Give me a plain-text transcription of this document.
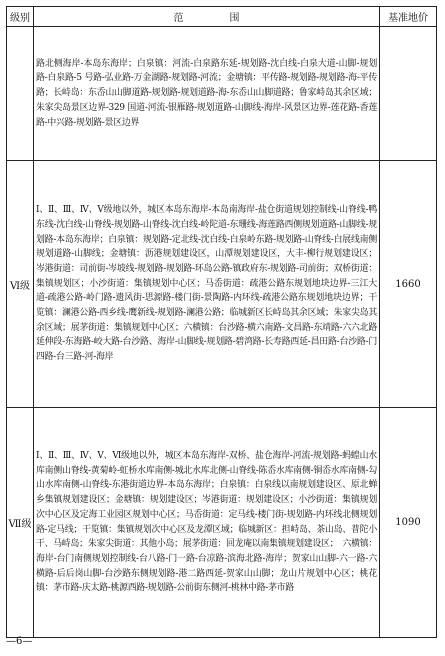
级别	范　围	基准地价

	路北侧海岸-本岛东海岸；白泉镇：河流-白泉路东延-规划路-沈白线-白泉大道-山脚-规划路-白泉路-5 号路-弘业路-万金湖路-规划路-河流；金塘镇：平传路-规划路-规划路-海-平传路；长峙岛：东岙山山脚道路-规划路-规划道路-海-东岙山山脚道路；鲁家峙岛其余区域；朱家尖岛景区边界-329 国道-河流-银雁路-规划道路-山脚线-海岸-风景区边界-莲花路-香莲路-中兴路-规划路-景区边界	

Ⅵ级	Ⅰ、Ⅱ、Ⅲ、Ⅳ、Ⅴ级地以外，城区本岛东海岸-本岛南海岸-盐仓街道规划控制线-山脊线-鸭东线-沈白线-山脊线-规划路-山脊线-沈白线-岭陀道-东珊线-海莲路西侧规划道路-山脚线-规划路-本岛东海岸；白泉镇：规划路-定北线-沈白线-白泉岭东路-规划路-山脊线-白展线南侧规划道路-山脚线；金塘镇：沥港规划建设区，山潭规划建设区，大丰-柳行规划建设区；岑港街道：司前街-岑坡线-规划路-规划路-环岛公路-镇政府东-规划路-司前街；双桥街道：集镇规划区；小沙街道：集镇规划中心区；马岙街道：疏港公路东规划地块边界-三江大道-疏港公路-岭门路-遗风街-思源路-楼门街-景陶路-内环线-疏港公路东规划地块边界；干览镇：澜港公路-西乡线-鹰新线-规划路-澜港公路；临城新区长峙岛其余区域；朱家尖岛其余区域；展茅街道：集镇规划中心区；六横镇：台沙路-横六南路-文昌路-东靖路-六六北路延伸段-东海路-峧大路-台沙路、海岸-山脚线-规划路-碧湾路-长寿路西延-昌田路-台沙路-门四路-台三路-河-海岸	1660
Ⅶ级	Ⅰ、Ⅱ、Ⅲ、Ⅳ、Ⅴ、Ⅵ级地以外，城区本岛东海岸-双桥、盐仓海岸-河流-规划路-蚂蝗山水库南侧山脊线-黄菊岭-虹桥水库南侧-城北水库北侧-山脊线-陈岙水库南侧-铜岙水库南侧-勾山水库南侧-山脊线-东港街道边界-本岛东海岸；白泉镇：白泉线以南规划建设区、原北蝉乡集镇规划建设区；金塘镇：规划建设区；岑港街道：规划建设区；小沙街道：集镇规划次中心区及定海工业园区规划中心区；马岙街道：定马线-楼门街-规划路-内环线北侧规划路-定马线；干览镇：集镇规划次中心区及龙潭区域；临城新区：担峙岛、茶山岛、普陀小干、马峙岛；朱家尖街道：其他小岛；展茅街道：回龙庵以南集镇规划建设区；　六横镇：海岸-台门南侧规划控制线-台八路-门一路-台凉路-滨海北路-海岸；贺家山山脚-六一路-六横路-后后岗山脚-台沙路东侧规划路-港二路西延-贺家山山脚；龙山片规划中心区；桃花镇：茅市路-庆太路-桃源西路-规划路-公前街东侧河-桃林中路-茅市路	1090
—6—
